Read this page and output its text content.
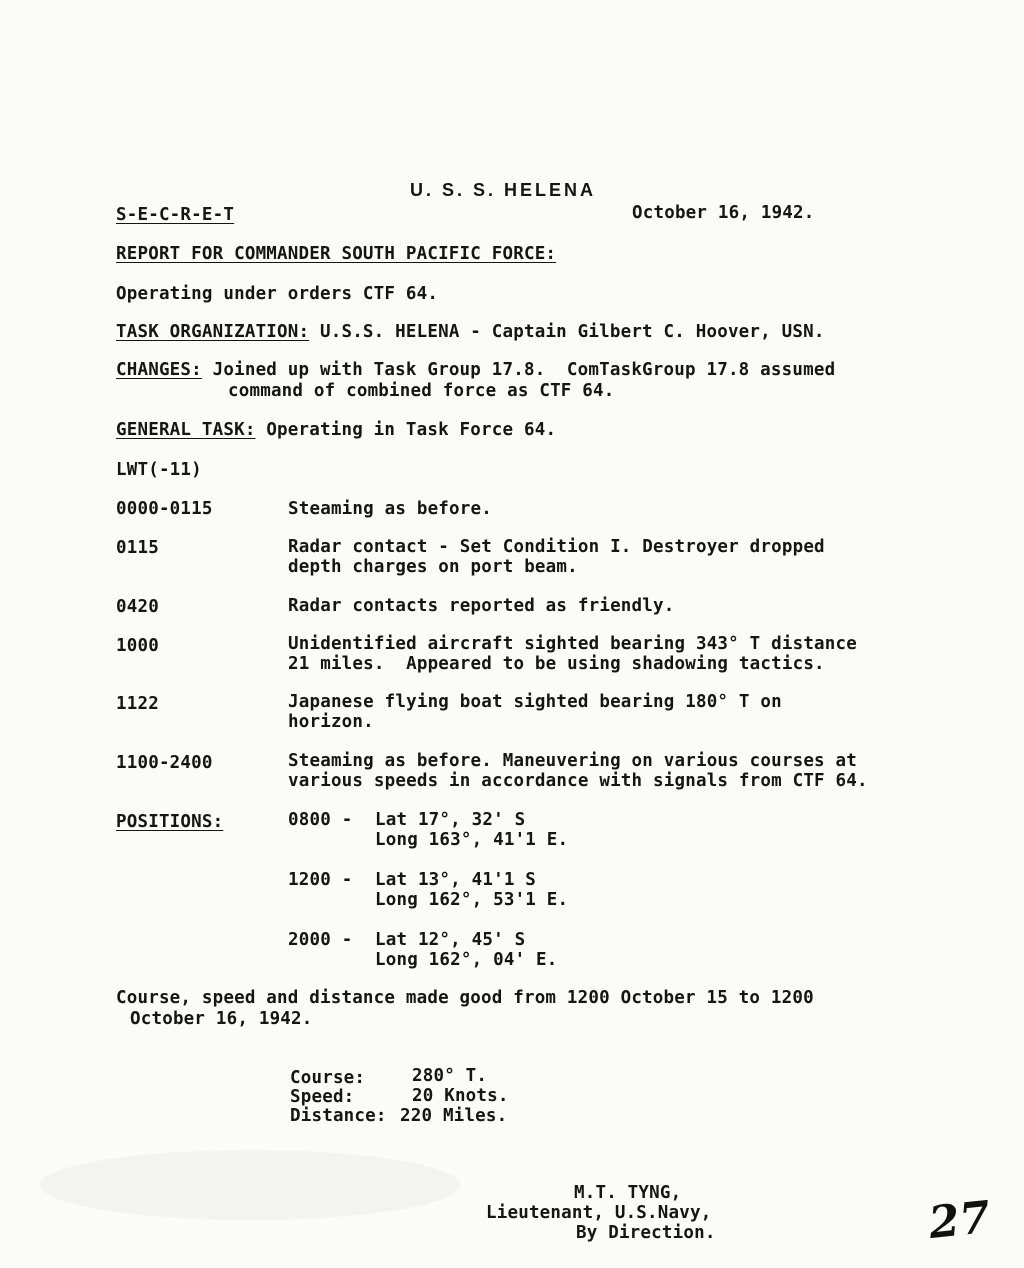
U. S. S. HELENA
S-E-C-R-E-T	October 16, 1942.
REPORT FOR COMMANDER SOUTH PACIFIC FORCE:
Operating under orders CTF 64.
TASK ORGANIZATION: U.S.S. HELENA - Captain Gilbert C. Hoover, USN.
CHANGES: Joined up with Task Group 17.8.  ComTaskGroup 17.8 assumed
command of combined force as CTF 64.
GENERAL TASK: Operating in Task Force 64.
LWT(-11)
0000-0115	Steaming as before.
0115	Radar contact - Set Condition I. Destroyer dropped
depth charges on port beam.
0420	Radar contacts reported as friendly.
1000	Unidentified aircraft sighted bearing 343° T distance
21 miles.  Appeared to be using shadowing tactics.
1122	Japanese flying boat sighted bearing 180° T on
horizon.
1100-2400	Steaming as before. Maneuvering on various courses at
various speeds in accordance with signals from CTF 64.
POSITIONS:	0800 - Lat 17°, 32' S
Long 163°, 41'1 E.
1200 - Lat 13°, 41'1 S
Long 162°, 53'1 E.
2000 - Lat 12°, 45' S
Long 162°, 04' E.
Course, speed and distance made good from 1200 October 15 to 1200
October 16, 1942.
Course:	280° T.
Speed:	20 Knots.
Distance: 220 Miles.
M.T. TYNG,
Lieutenant, U.S.Navy,
By Direction.	27
